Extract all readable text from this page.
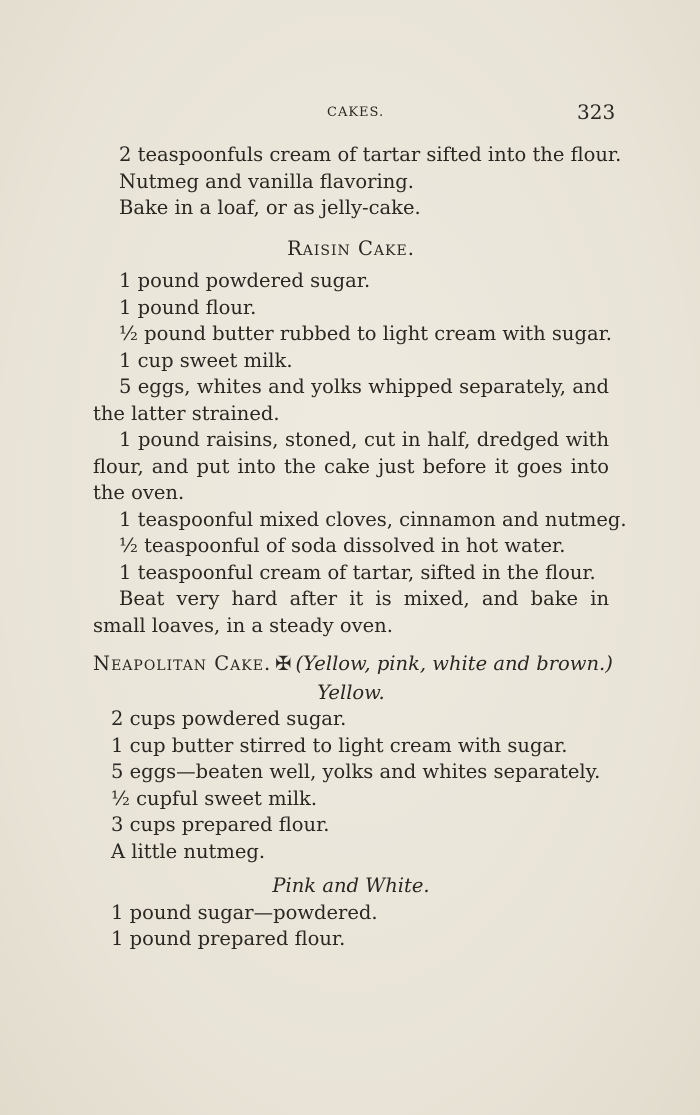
CAKES.	323

2 teaspoonfuls cream of tartar sifted into the flour.

Nutmeg and vanilla flavoring.

Bake in a loaf, or as jelly-cake.

Raisin Cake.

1 pound powdered sugar.

1 pound flour.

½ pound butter rubbed to light cream with sugar.

1 cup sweet milk.

5 eggs, whites and yolks whipped separately, and the latter strained.

1 pound raisins, stoned, cut in half, dredged with flour, and put into the cake just before it goes into the oven.

1 teaspoonful mixed cloves, cinnamon and nutmeg.

½ teaspoonful of soda dissolved in hot water.

1 teaspoonful cream of tartar, sifted in the flour.

Beat very hard after it is mixed, and bake in small loaves, in a steady oven.

Neapolitan Cake. ✠ (Yellow, pink, white and brown.)

Yellow.

2 cups powdered sugar.

1 cup butter stirred to light cream with sugar.

5 eggs—beaten well, yolks and whites separately.

½ cupful sweet milk.

3 cups prepared flour.

A little nutmeg.

Pink and White.

1 pound sugar—powdered.

1 pound prepared flour.
